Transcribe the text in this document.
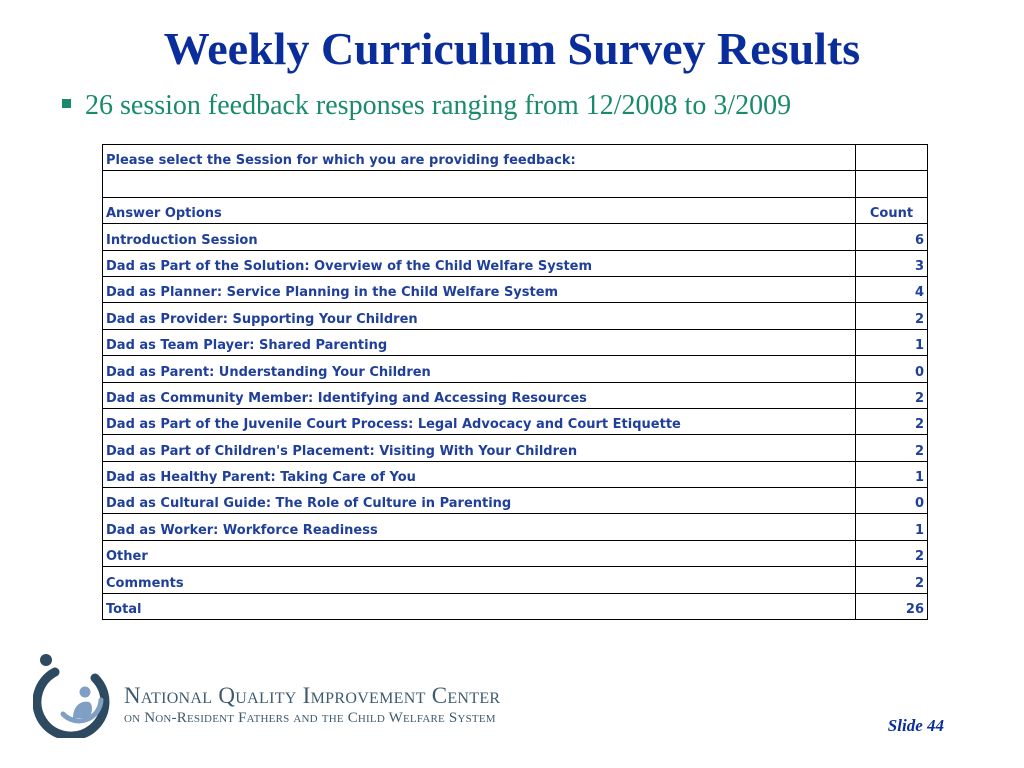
Weekly Curriculum Survey Results
26 session feedback responses ranging from 12/2008 to 3/2009
Please select the Session for which you are providing feedback:	

Answer Options	Count
Introduction Session	6
Dad as Part of the Solution: Overview of the Child Welfare System	3
Dad as Planner: Service Planning in the Child Welfare System	4
Dad as Provider: Supporting Your Children	2
Dad as Team Player: Shared Parenting	1
Dad as Parent: Understanding Your Children	0
Dad as Community Member: Identifying and Accessing Resources	2
Dad as Part of the Juvenile Court Process: Legal Advocacy and Court Etiquette	2
Dad as Part of Children's Placement: Visiting With Your Children	2
Dad as Healthy Parent: Taking Care of You	1
Dad as Cultural Guide: The Role of Culture in Parenting	0
Dad as Worker: Workforce Readiness	1
Other	2
Comments	2
Total	26
National Quality Improvement Center
on Non-Resident Fathers and the Child Welfare System	Slide 44
